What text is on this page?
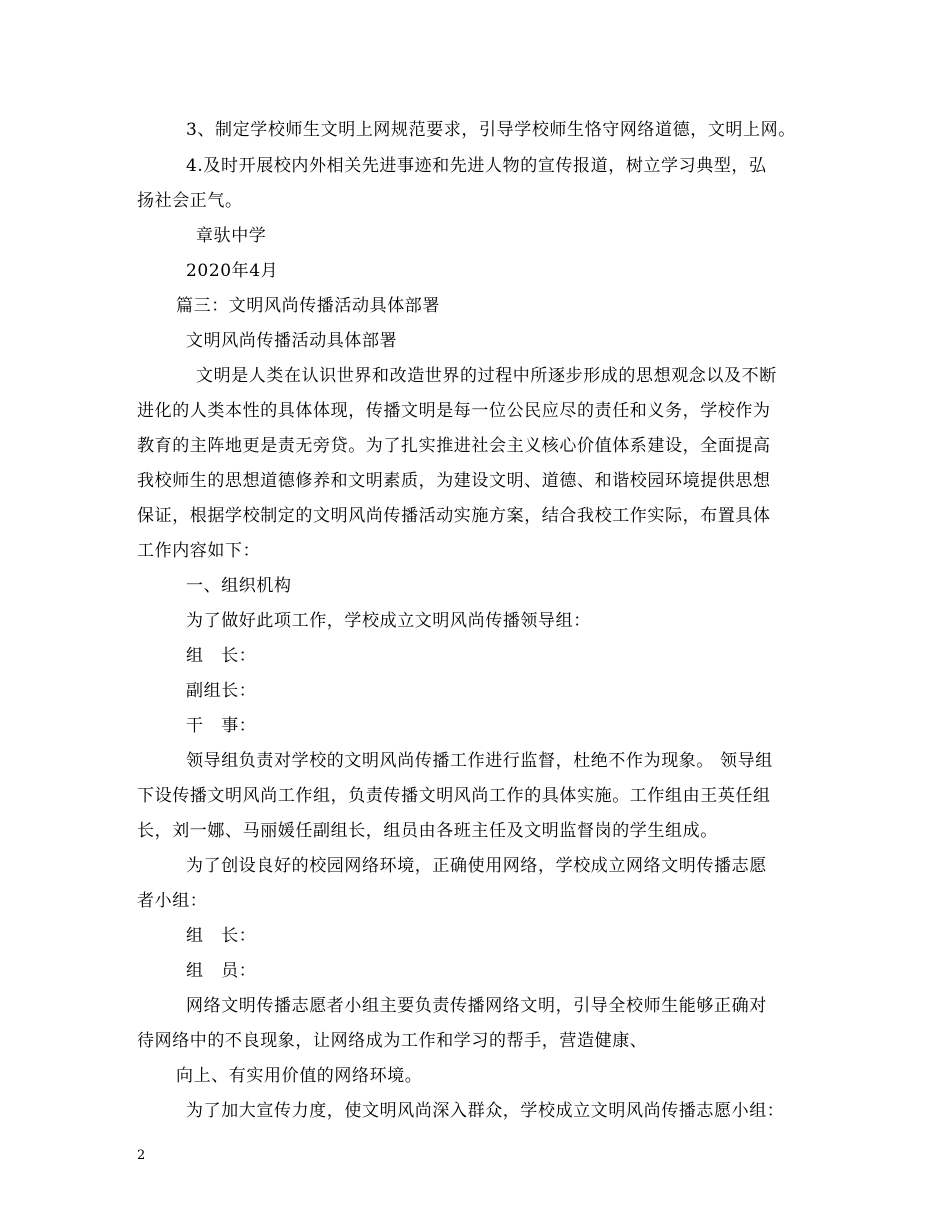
3、制定学校师生文明上网规范要求，引导学校师生恪守网络道德，文明上网。
4.及时开展校内外相关先进事迹和先进人物的宣传报道，树立学习典型，弘
扬社会正气。
章驮中学
2020年4月
篇三：文明风尚传播活动具体部署
文明风尚传播活动具体部署
文明是人类在认识世界和改造世界的过程中所逐步形成的思想观念以及不断
进化的人类本性的具体体现，传播文明是每一位公民应尽的责任和义务，学校作为
教育的主阵地更是责无旁贷。为了扎实推进社会主义核心价值体系建设，全面提高
我校师生的思想道德修养和文明素质，为建设文明、道德、和谐校园环境提供思想
保证，根据学校制定的文明风尚传播活动实施方案，结合我校工作实际，布置具体
工作内容如下：
一、组织机构
为了做好此项工作，学校成立文明风尚传播领导组：
组　长：
副组长：
干　事：
领导组负责对学校的文明风尚传播工作进行监督，杜绝不作为现象。 领导组
下设传播文明风尚工作组，负责传播文明风尚工作的具体实施。工作组由王英任组
长，刘一娜、马丽媛任副组长，组员由各班主任及文明监督岗的学生组成。
为了创设良好的校园网络环境，正确使用网络，学校成立网络文明传播志愿
者小组：
组　长：
组　员：
网络文明传播志愿者小组主要负责传播网络文明，引导全校师生能够正确对
待网络中的不良现象，让网络成为工作和学习的帮手，营造健康、
向上、有实用价值的网络环境。
为了加大宣传力度，使文明风尚深入群众，学校成立文明风尚传播志愿小组：
2
